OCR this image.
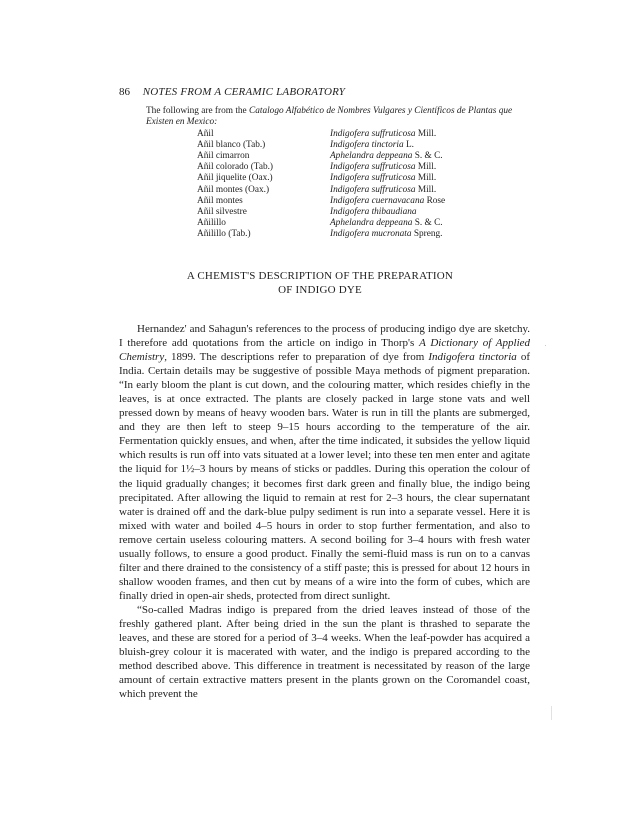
86 NOTES FROM A CERAMIC LABORATORY
The following are from the Catalogo Alfabético de Nombres Vulgares y Científicos de Plantas que Existen en Mexico:
Añil	Indigofera suffruticosa Mill.
Añil blanco (Tab.)	Indigofera tinctoria L.
Añil cimarron	Aphelandra deppeana S. & C.
Añil colorado (Tab.)	Indigofera suffruticosa Mill.
Añil jiquelite (Oax.)	Indigofera suffruticosa Mill.
Añil montes (Oax.)	Indigofera suffruticosa Mill.
Añil montes	Indigofera cuernavacana Rose
Añil silvestre	Indigofera thibaudiana
Añilillo	Aphelandra deppeana S. & C.
Añilillo (Tab.)	Indigofera mucronata Spreng.
A CHEMIST'S DESCRIPTION OF THE PREPARATION
OF INDIGO DYE

Hernandez' and Sahagun's references to the process of producing indigo dye are sketchy. I therefore add quotations from the article on indigo in Thorp's A Dictionary of Applied Chemistry, 1899. The descriptions refer to preparation of dye from Indigofera tinctoria of India. Certain details may be suggestive of possible Maya methods of pigment preparation. “In early bloom the plant is cut down, and the colouring matter, which resides chiefly in the leaves, is at once extracted. The plants are closely packed in large stone vats and well pressed down by means of heavy wooden bars. Water is run in till the plants are submerged, and they are then left to steep 9–15 hours according to the temperature of the air. Fermentation quickly ensues, and when, after the time indicated, it subsides the yellow liquid which results is run off into vats situated at a lower level; into these ten men enter and agitate the liquid for 1½–3 hours by means of sticks or paddles. During this operation the colour of the liquid gradually changes; it becomes first dark green and finally blue, the indigo being precipitated. After allowing the liquid to remain at rest for 2–3 hours, the clear supernatant water is drained off and the dark-blue pulpy sediment is run into a separate vessel. Here it is mixed with water and boiled 4–5 hours in order to stop further fermentation, and also to remove certain useless colouring matters. A second boiling for 3–4 hours with fresh water usually follows, to ensure a good product. Finally the semi-fluid mass is run on to a canvas filter and there drained to the consistency of a stiff paste; this is pressed for about 12 hours in shallow wooden frames, and then cut by means of a wire into the form of cubes, which are finally dried in open-air sheds, protected from direct sunlight.

“So-called Madras indigo is prepared from the dried leaves instead of those of the freshly gathered plant. After being dried in the sun the plant is thrashed to separate the leaves, and these are stored for a period of 3–4 weeks. When the leaf-powder has acquired a bluish-grey colour it is macerated with water, and the indigo is prepared according to the method described above. This difference in treatment is necessitated by reason of the large amount of certain extractive matters present in the plants grown on the Coromandel coast, which prevent the
